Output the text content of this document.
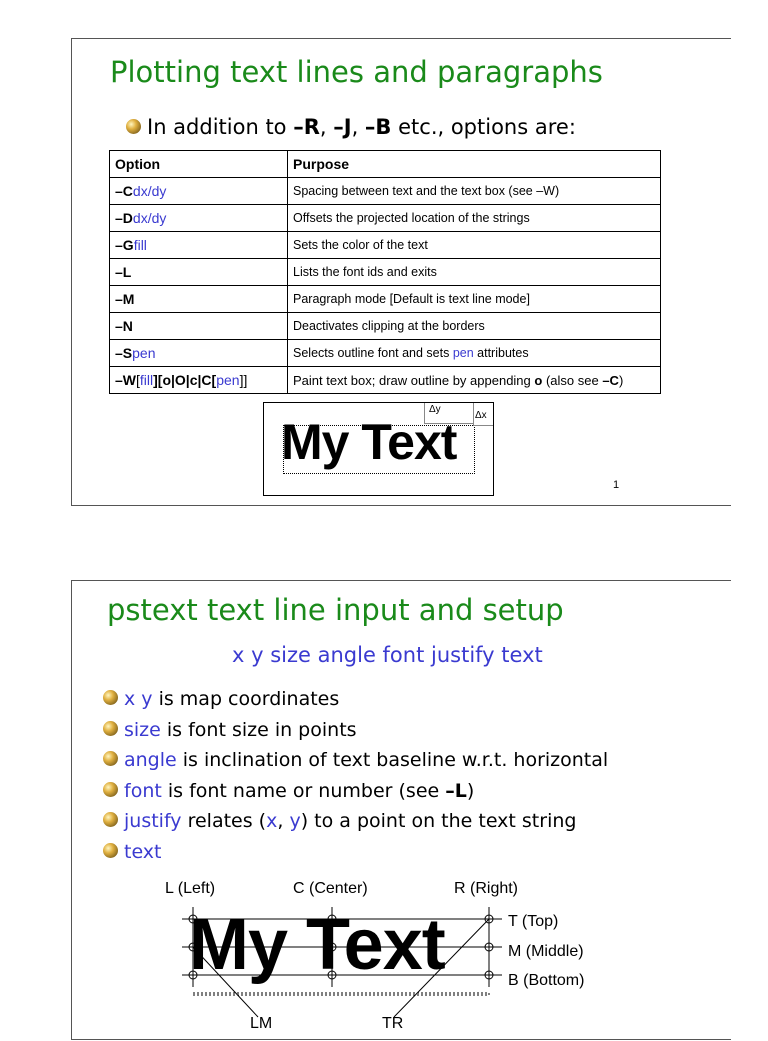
Plotting text lines and paragraphs
In addition to –R, –J, –B etc., options are:
Option	Purpose
–Cdx/dy	Spacing between text and the text box (see –W)
–Ddx/dy	Offsets the projected location of the strings
–Gfill	Sets the color of the text
–L	Lists the font ids and exits
–M	Paragraph mode [Default is text line mode]
–N	Deactivates clipping at the borders
–Spen	Selects outline font and sets pen attributes
–W[fill][o|O|c|C[pen]]	Paint text box; draw outline by appending o (also see –C)
My Text
Δy
Δx
1
pstext text line input and setup
x y size angle font justify text
x y is map coordinates
size is font size in points
angle is inclination of text baseline w.r.t. horizontal
font is font name or number (see –L)
justify relates (x, y) to a point on the text string
text
L (Left)	C (Center)	R (Right)
My Text	T (Top)
M (Middle)
B (Bottom)
LM	TR
